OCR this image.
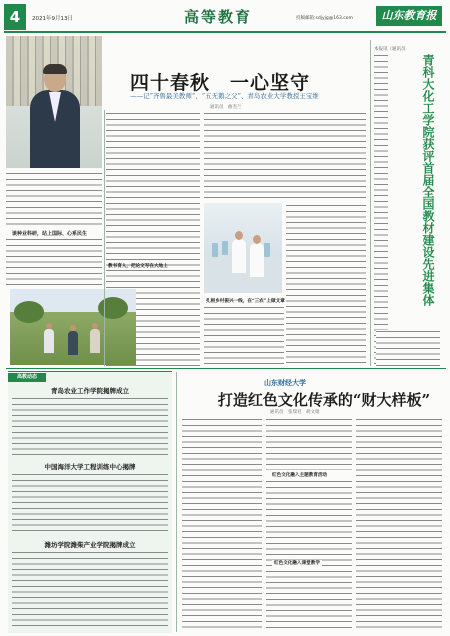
4	2021年9月13日	高等教育	投稿邮箱:sdjyjg@163.com	山东教育报
四十春秋　一心坚守
——记“齐鲁最美教师”、“五无鹅之父”、青岛农业大学教授王宝维
通讯员　曲杰兰
本报讯（通讯员
青科大化工学院获评首届全国教材建设先进集体
谈种业科研，站上国际、心系民生
扎根乡村振兴一线，在“三农”上做文章
教书育人，把论文写在大地上
高教动态
青岛农业工作学院揭牌成立
中国海洋大学工程训练中心揭牌
潍坊学院潍柴产业学院揭牌成立
山东财经大学
打造红色文化传承的“财大样板”
通讯员　张瑞君　胡文娟
红色文化融入主题教育活动
红色文化融入课堂教学
